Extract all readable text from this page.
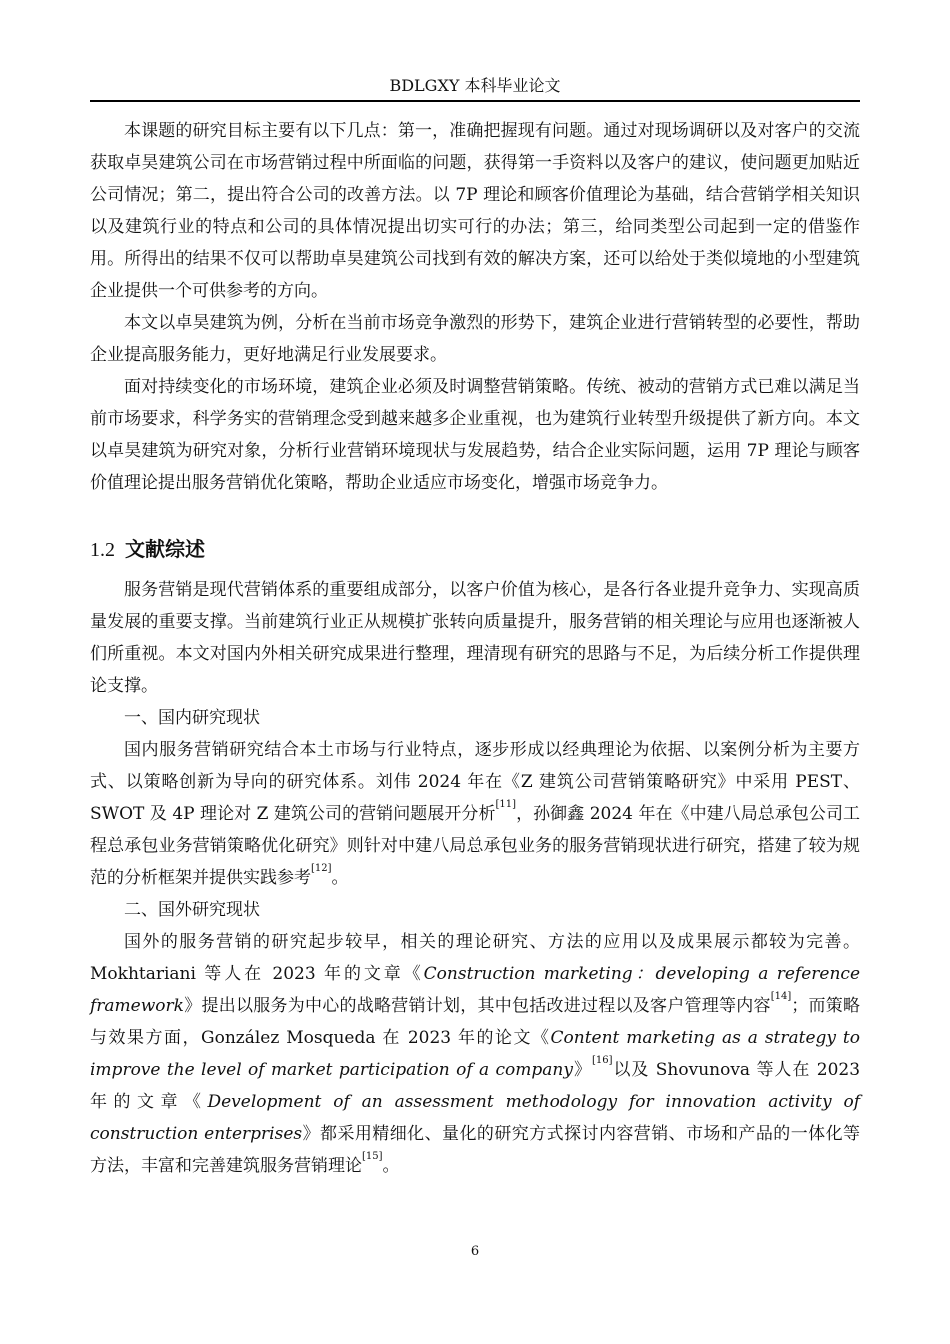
BDLGXY 本科毕业论文

本课题的研究目标主要有以下几点：第一，准确把握现有问题。通过对现场调研以及对客户的交流获取卓昊建筑公司在市场营销过程中所面临的问题，获得第一手资料以及客户的建议，使问题更加贴近公司情况；第二，提出符合公司的改善方法。以 7P 理论和顾客价值理论为基础，结合营销学相关知识以及建筑行业的特点和公司的具体情况提出切实可行的办法；第三，给同类型公司起到一定的借鉴作用。所得出的结果不仅可以帮助卓昊建筑公司找到有效的解决方案，还可以给处于类似境地的小型建筑企业提供一个可供参考的方向。

本文以卓昊建筑为例，分析在当前市场竞争激烈的形势下，建筑企业进行营销转型的必要性，帮助企业提高服务能力，更好地满足行业发展要求。

面对持续变化的市场环境，建筑企业必须及时调整营销策略。传统、被动的营销方式已难以满足当前市场要求，科学务实的营销理念受到越来越多企业重视，也为建筑行业转型升级提供了新方向。本文以卓昊建筑为研究对象，分析行业营销环境现状与发展趋势，结合企业实际问题，运用 7P 理论与顾客价值理论提出服务营销优化策略，帮助企业适应市场变化，增强市场竞争力。

1.2 文献综述

服务营销是现代营销体系的重要组成部分，以客户价值为核心，是各行各业提升竞争力、实现高质量发展的重要支撑。当前建筑行业正从规模扩张转向质量提升，服务营销的相关理论与应用也逐渐被人们所重视。本文对国内外相关研究成果进行整理，理清现有研究的思路与不足，为后续分析工作提供理论支撑。

一、国内研究现状

国内服务营销研究结合本土市场与行业特点，逐步形成以经典理论为依据、以案例分析为主要方式、以策略创新为导向的研究体系。刘伟 2024 年在《Z 建筑公司营销策略研究》中采用 PEST、SWOT 及 4P 理论对 Z 建筑公司的营销问题展开分析[11]，孙御鑫 2024 年在《中建八局总承包公司工程总承包业务营销策略优化研究》则针对中建八局总承包业务的服务营销现状进行研究，搭建了较为规范的分析框架并提供实践参考[12]。

二、国外研究现状

国外的服务营销的研究起步较早，相关的理论研究、方法的应用以及成果展示都较为完善。Mokhtariani 等人在 2023 年的文章《Construction marketing：developing a reference framework》提出以服务为中心的战略营销计划，其中包括改进过程以及客户管理等内容[14]；而策略与效果方面，González Mosqueda 在 2023 年的论文《Content marketing as a strategy to improve the level of market participation of a company》[16]以及 Shovunova 等人在 2023 年的文章《Development of an assessment methodology for innovation activity of construction enterprises》都采用精细化、量化的研究方式探讨内容营销、市场和产品的一体化等方法，丰富和完善建筑服务营销理论[15]。

6
